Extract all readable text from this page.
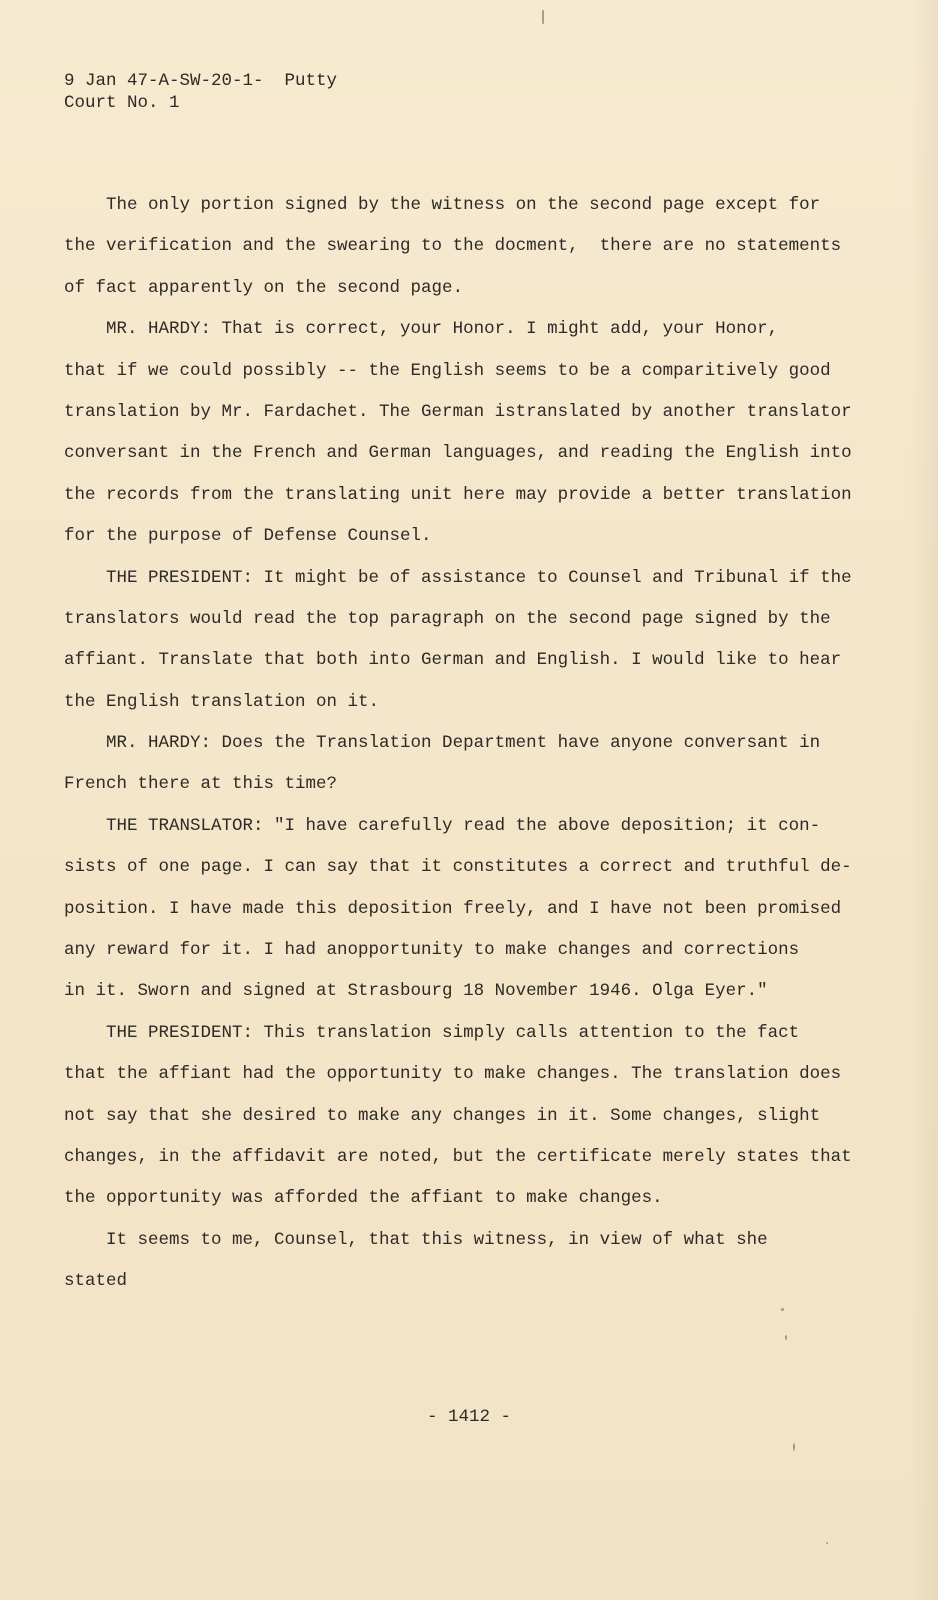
9 Jan 47-A-SW-20-1-  Putty
Court No. 1
The only portion signed by the witness on the second page except for
the verification and the swearing to the docment,  there are no statements
of fact apparently on the second page.
MR. HARDY: That is correct, your Honor. I might add, your Honor,
that if we could possibly -- the English seems to be a comparitively good
translation by Mr. Fardachet. The German istranslated by another translator
conversant in the French and German languages, and reading the English into
the records from the translating unit here may provide a better translation
for the purpose of Defense Counsel.
THE PRESIDENT: It might be of assistance to Counsel and Tribunal if the
translators would read the top paragraph on the second page signed by the
affiant. Translate that both into German and English. I would like to hear
the English translation on it.
MR. HARDY: Does the Translation Department have anyone conversant in
French there at this time?
THE TRANSLATOR: "I have carefully read the above deposition; it con-
sists of one page. I can say that it constitutes a correct and truthful de-
position. I have made this deposition freely, and I have not been promised
any reward for it. I had anopportunity to make changes and corrections
in it. Sworn and signed at Strasbourg 18 November 1946. Olga Eyer."
THE PRESIDENT: This translation simply calls attention to the fact
that the affiant had the opportunity to make changes. The translation does
not say that she desired to make any changes in it. Some changes, slight
changes, in the affidavit are noted, but the certificate merely states that
the opportunity was afforded the affiant to make changes.
It seems to me, Counsel, that this witness, in view of what she
stated
- 1412 -
